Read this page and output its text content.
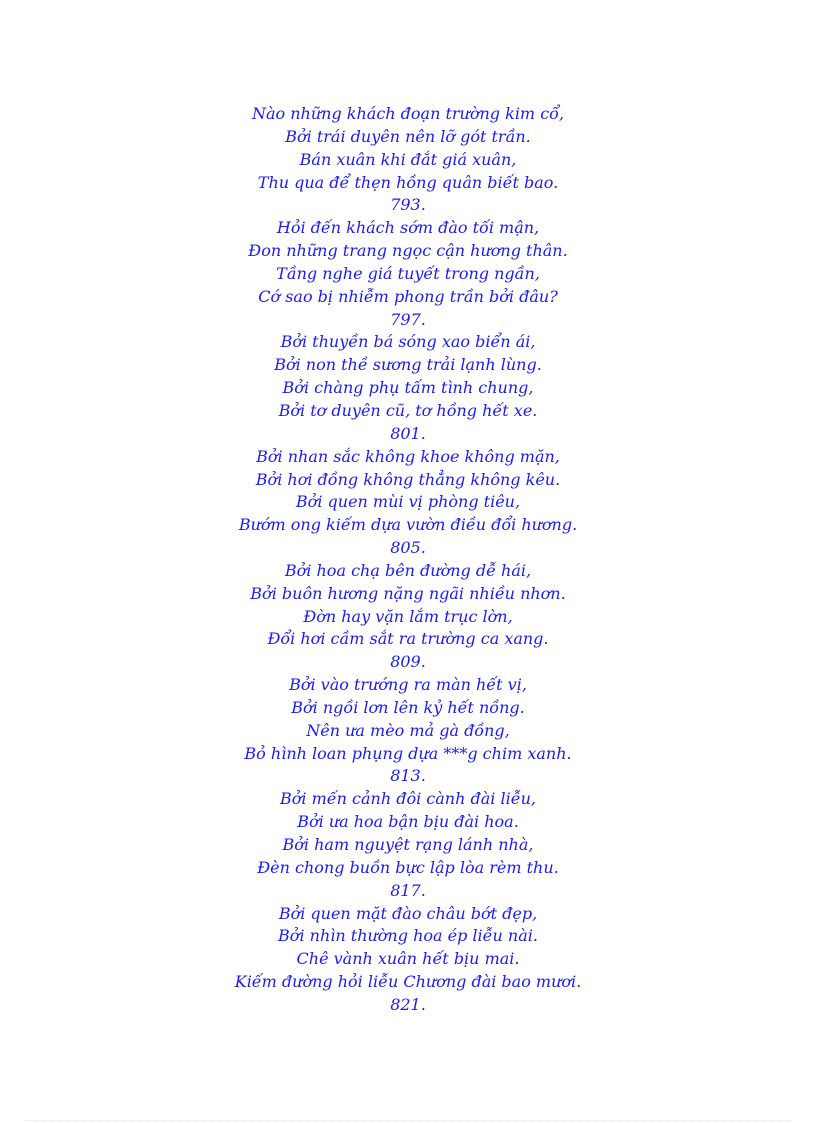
Nào những khách đoạn trường kim cổ,
Bởi trái duyên nên lỡ gót trần.
Bán xuân khi đắt giá xuân,
Thu qua để thẹn hồng quân biết bao.
793.
Hỏi đến khách sớm đào tối mận,
Đon những trang ngọc cận hương thân.
Tầng nghe giá tuyết trong ngần,
Cớ sao bị nhiễm phong trần bởi đâu?
797.
Bởi thuyền bá sóng xao biển ái,
Bởi non thề sương trải lạnh lùng.
Bởi chàng phụ tấm tình chung,
Bởi tơ duyên cũ, tơ hồng hết xe.
801.
Bởi nhan sắc không khoe không mặn,
Bởi hơi đồng không thẳng không kêu.
Bởi quen mùi vị phòng tiêu,
Bướm ong kiếm dựa vườn điều đổi hương.
805.
Bởi hoa chạ bên đường dễ hái,
Bởi buôn hương nặng ngãi nhiều nhơn.
Đờn hay vặn lắm trục lờn,
Đổi hơi cầm sắt ra trường ca xang.
809.
Bởi vào trướng ra màn hết vị,
Bởi ngồi lơn lên kỷ hết nồng.
Nên ưa mèo mả gà đồng,
Bỏ hình loan phụng dựa ***g chim xanh.
813.
Bởi mến cảnh đôi cành đài liễu,
Bởi ưa hoa bận bịu đài hoa.
Bởi ham nguyệt rạng lánh nhà,
Đèn chong buồn bực lập lòa rèm thu.
817.
Bởi quen mặt đào châu bớt đẹp,
Bởi nhìn thường hoa ép liễu nài.
Chê vành xuân hết bịu mai.
Kiếm đường hỏi liễu Chương đài bao mươi.
821.
